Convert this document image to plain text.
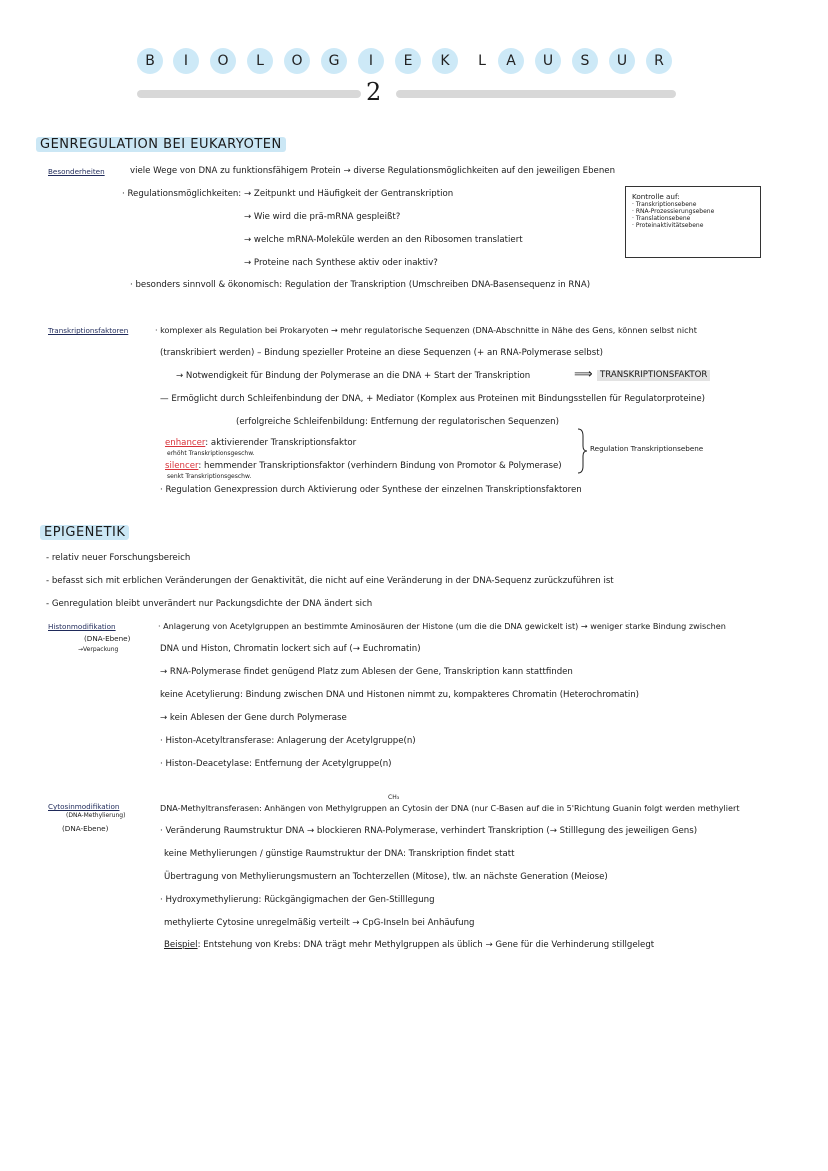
B	I	O	L	O	G	I	E	K	L	A	U	S	U	R
2
GENREGULATION BEI EUKARYOTEN
Besonderheiten	viele Wege von DNA zu funktionsfähigem Protein → diverse Regulationsmöglichkeiten auf den jeweiligen Ebenen
· Regulationsmöglichkeiten: → Zeitpunkt und Häufigkeit der Gentranskription
→ Wie wird die prä-mRNA gespleißt?
→ welche mRNA-Moleküle werden an den Ribosomen translatiert
→ Proteine nach Synthese aktiv oder inaktiv?
· besonders sinnvoll & ökonomisch: Regulation der Transkription (Umschreiben DNA-Basensequenz in RNA)
Kontrolle auf:
· Transkriptionsebene
· RNA-Prozessierungsebene
· Translationsebene
· Proteinaktivitätsebene
Transkriptionsfaktoren	· komplexer als Regulation bei Prokaryoten → mehr regulatorische Sequenzen (DNA-Abschnitte in Nähe des Gens, können selbst nicht
(transkribiert werden) – Bindung spezieller Proteine an diese Sequenzen (+ an RNA-Polymerase selbst)
→ Notwendigkeit für Bindung der Polymerase an die DNA + Start der Transkription	⟹ TRANSKRIPTIONSFAKTOR
— Ermöglicht durch Schleifenbindung der DNA, + Mediator (Komplex aus Proteinen mit Bindungsstellen für Regulatorproteine)
(erfolgreiche Schleifenbildung: Entfernung der regulatorischen Sequenzen)
enhancer: aktivierender Transkriptionsfaktor
erhöht Transkriptionsgeschw.
silencer: hemmender Transkriptionsfaktor (verhindern Bindung von Promotor & Polymerase)
senkt Transkriptionsgeschw.
· Regulation Genexpression durch Aktivierung oder Synthese der einzelnen Transkriptionsfaktoren
Regulation Transkriptionsebene
EPIGENETIK
- relativ neuer Forschungsbereich
- befasst sich mit erblichen Veränderungen der Genaktivität, die nicht auf eine Veränderung in der DNA-Sequenz zurückzuführen ist
- Genregulation bleibt unverändert nur Packungsdichte der DNA ändert sich
Histonmodifikation
(DNA-Ebene)
→Verpackung
· Anlagerung von Acetylgruppen an bestimmte Aminosäuren der Histone (um die die DNA gewickelt ist) → weniger starke Bindung zwischen
DNA und Histon, Chromatin lockert sich auf (→ Euchromatin)
→ RNA-Polymerase findet genügend Platz zum Ablesen der Gene, Transkription kann stattfinden
keine Acetylierung: Bindung zwischen DNA und Histonen nimmt zu, kompakteres Chromatin (Heterochromatin)
→ kein Ablesen der Gene durch Polymerase
· Histon-Acetyltransferase: Anlagerung der Acetylgruppe(n)
· Histon-Deacetylase: Entfernung der Acetylgruppe(n)
Cytosinmodifikation
(DNA-Methylierung)
(DNA-Ebene)
CH₃
DNA-Methyltransferasen: Anhängen von Methylgruppen an Cytosin der DNA (nur C-Basen auf die in 5'Richtung Guanin folgt werden methyliert
· Veränderung Raumstruktur DNA → blockieren RNA-Polymerase, verhindert Transkription (→ Stilllegung des jeweiligen Gens)
keine Methylierungen / günstige Raumstruktur der DNA: Transkription findet statt
Übertragung von Methylierungsmustern an Tochterzellen (Mitose), tlw. an nächste Generation (Meiose)
· Hydroxymethylierung: Rückgängigmachen der Gen-Stilllegung
methylierte Cytosine unregelmäßig verteilt → CpG-Inseln bei Anhäufung
Beispiel: Entstehung von Krebs: DNA trägt mehr Methylgruppen als üblich → Gene für die Verhinderung stillgelegt
